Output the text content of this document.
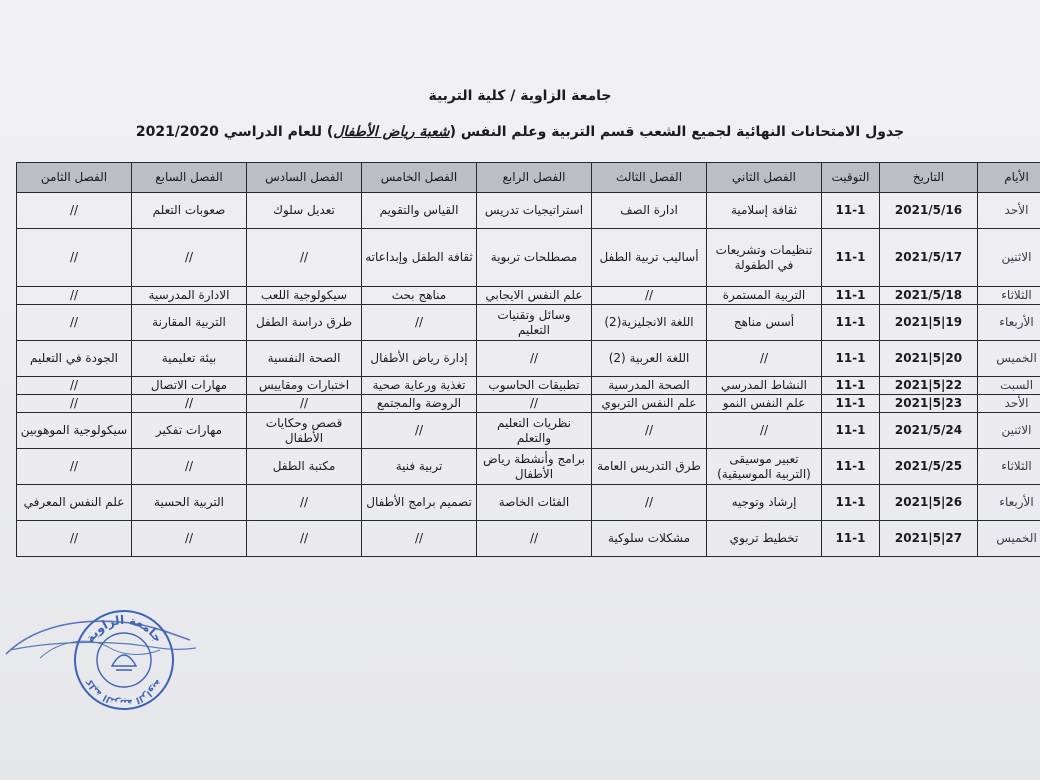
جامعة الزاوية / كلية التربية
جدول الامتحانات النهائية لجميع الشعب قسم التربية وعلم النفس (شعبة رياض الأطفال) للعام الدراسي 2021/2020
الأيام	التاريخ	التوقيت	الفصل الثاني	الفصل الثالث	الفصل الرابع	الفصل الخامس	الفصل السادس	الفصل السابع	الفصل الثامن
الأحد	2021/5/16	11-1	ثقافة إسلامية	ادارة الصف	استراتيجيات تدريس	القياس والتقويم	تعديل سلوك	صعوبات التعلم	//
الاثنين	2021/5/17	11-1	تنظيمات وتشريعات في الطفولة	أساليب تربية الطفل	مصطلحات تربوية	ثقافة الطفل وإبداعاته	//	//	//
الثلاثاء	2021/5/18	11-1	التربية المستمرة	//	علم النفس الايجابي	مناهج بحث	سيكولوجية اللعب	الادارة المدرسية	//
الأربعاء	2021|5|19	11-1	أسس مناهج	اللغة الانجليزية(2)	وسائل وتقنيات التعليم	//	طرق دراسة الطفل	التربية المقارنة	//
الخميس	2021|5|20	11-1	//	اللغة العربية (2)	//	إدارة رياض الأطفال	الصحة النفسية	بيئة تعليمية	الجودة في التعليم
السبت	2021|5|22	11-1	النشاط المدرسي	الصحة المدرسية	تطبيقات الحاسوب	تغذية ورعاية صحية	اختبارات ومقاييس	مهارات الاتصال	//
الأحد	2021|5|23	11-1	علم النفس النمو	علم النفس التربوي	//	الروضة والمجتمع	//	//	//
الاثنين	2021/5/24	11-1	//	//	نظريات التعليم والتعلم	//	قصص وحكايات الأطفال	مهارات تفكير	سيكولوجية الموهوبين
الثلاثاء	2021/5/25	11-1	تعبير موسيقى (التربية الموسيقية)	طرق التدريس العامة	برامج وأنشطة رياض الأطفال	تربية فنية	مكتبة الطفل	//	//
الأربعاء	2021|5|26	11-1	إرشاد وتوجيه	//	الفئات الخاصة	تصميم برامج الأطفال	//	التربية الحسية	علم النفس المعرفي
الخميس	2021|5|27	11-1	تخطيط تربوي	مشكلات سلوكية	//	//	//	//	//
جامعة الزاوية
كلية التربية الزاوية
